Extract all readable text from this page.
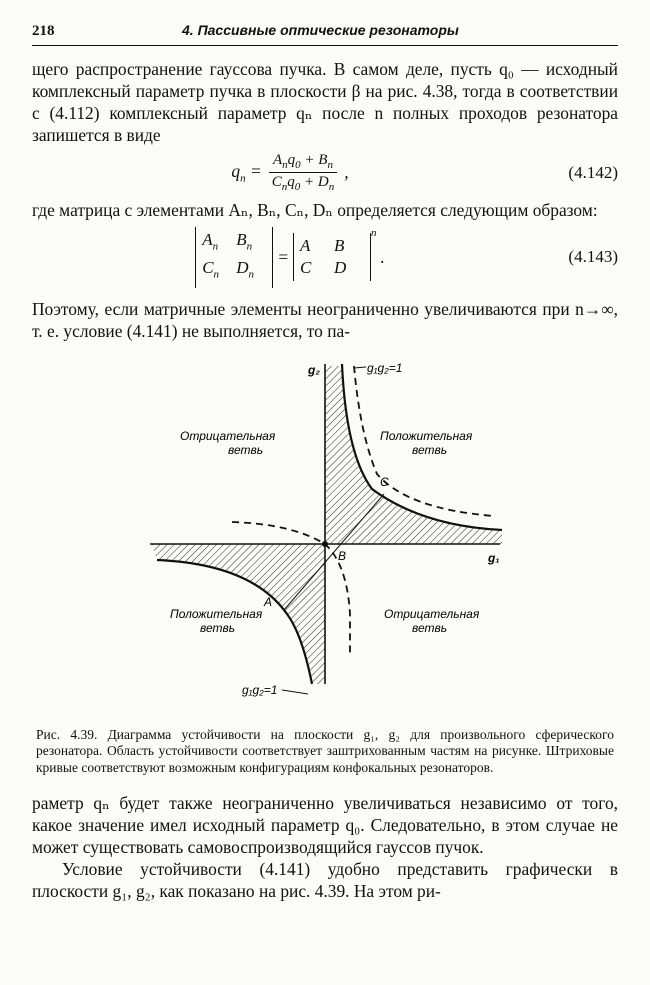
218	4. Пассивные оптические резонаторы

щего распространение гауссова пучка. В самом деле, пусть q₀ — исходный комплексный параметр пучка в плоскости β на рис. 4.38, тогда в соответствии с (4.112) комплексный параметр qₙ после n полных проходов резонатора запишется в виде

$q_n = \frac{A_nq_0 + B_n}{C_nq_0 + D_n}$ ,	(4.142)

где матрица с элементами Aₙ, Bₙ, Cₙ, Dₙ определяется следующим образом:

$A_n$	$B_n$
$C_n$	$D_n$
=
A	B
C	D
$^n$
.	(4.143)

Поэтому, если матричные элементы неограниченно увеличиваются при n→∞, т. е. условие (4.141) не выполняется, то па-

g₂
g₁
g₁g₂=1
g₁g₂=1
Отрицательная
ветвь
Положительная
ветвь
Положительная
ветвь
Отрицательная
ветвь
A
B
C

Рис. 4.39. Диаграмма устойчивости на плоскости g₁, g₂ для произвольного сферического резонатора. Область устойчивости соответствует заштрихованным частям на рисунке. Штриховые кривые соответствуют возможным конфигурациям конфокальных резонаторов.

раметр qₙ будет также неограниченно увеличиваться независимо от того, какое значение имел исходный параметр q₀. Следовательно, в этом случае не может существовать самовоспроизводящийся гауссов пучок.

Условие устойчивости (4.141) удобно представить графически в плоскости g₁, g₂, как показано на рис. 4.39. На этом ри-
